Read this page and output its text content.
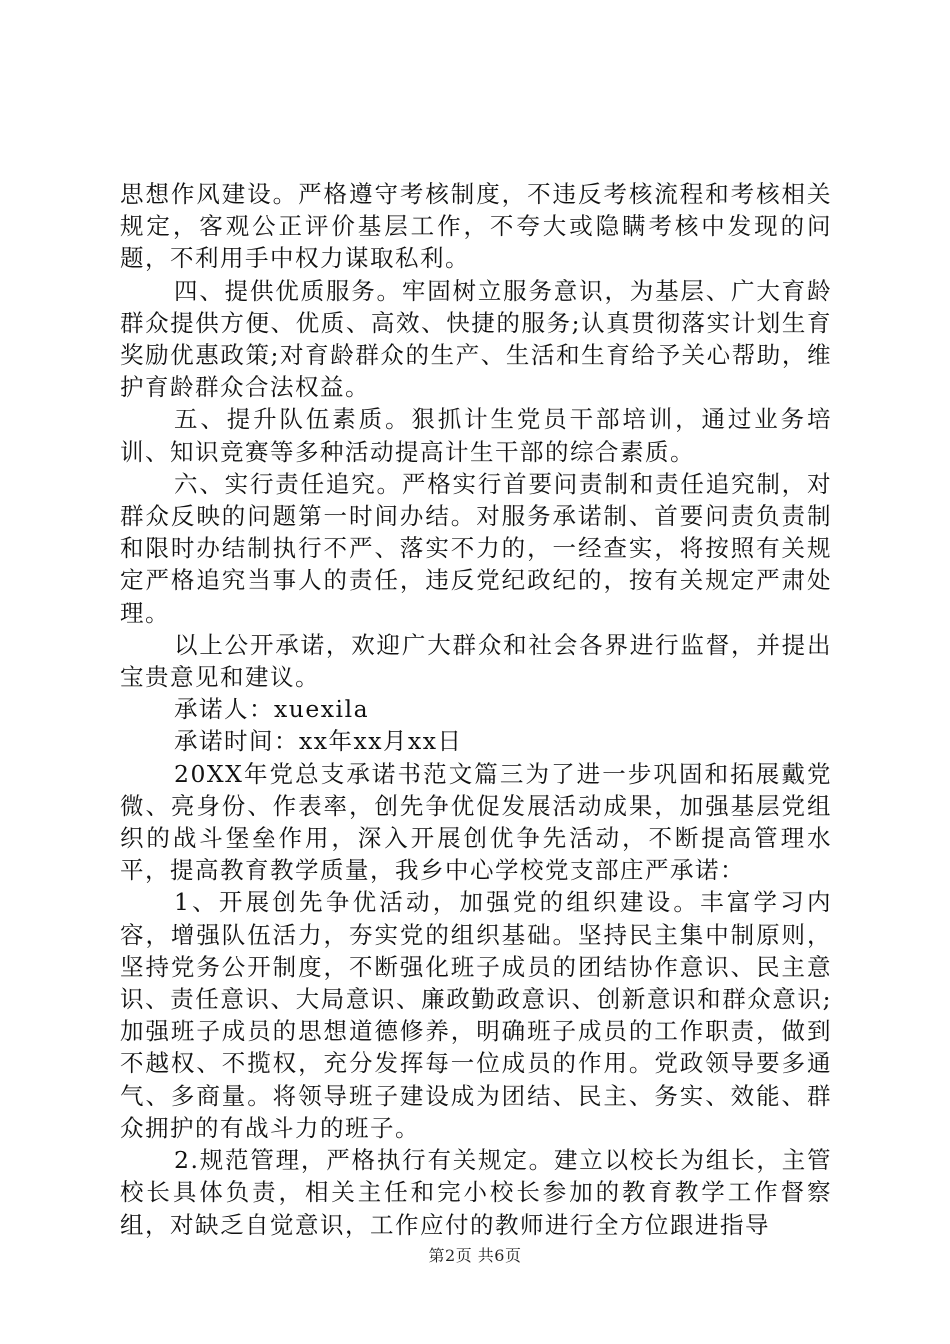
思想作风建设。严格遵守考核制度，不违反考核流程和考核相关规定，客观公正评价基层工作，不夸大或隐瞒考核中发现的问题，不利用手中权力谋取私利。

四、提供优质服务。牢固树立服务意识，为基层、广大育龄群众提供方便、优质、高效、快捷的服务;认真贯彻落实计划生育奖励优惠政策;对育龄群众的生产、生活和生育给予关心帮助，维护育龄群众合法权益。

五、提升队伍素质。狠抓计生党员干部培训，通过业务培训、知识竞赛等多种活动提高计生干部的综合素质。

六、实行责任追究。严格实行首要问责制和责任追究制，对群众反映的问题第一时间办结。对服务承诺制、首要问责负责制和限时办结制执行不严、落实不力的，一经查实，将按照有关规定严格追究当事人的责任，违反党纪政纪的，按有关规定严肃处理。

以上公开承诺，欢迎广大群众和社会各界进行监督，并提出宝贵意见和建议。

承诺人：xuexila

承诺时间：xx年xx月xx日

20XX年党总支承诺书范文篇三为了进一步巩固和拓展戴党微、亮身份、作表率，创先争优促发展活动成果，加强基层党组织的战斗堡垒作用，深入开展创优争先活动，不断提高管理水平，提高教育教学质量，我乡中心学校党支部庄严承诺：

1、开展创先争优活动，加强党的组织建设。丰富学习内容，增强队伍活力，夯实党的组织基础。坚持民主集中制原则，坚持党务公开制度，不断强化班子成员的团结协作意识、民主意识、责任意识、大局意识、廉政勤政意识、创新意识和群众意识;加强班子成员的思想道德修养，明确班子成员的工作职责，做到不越权、不揽权，充分发挥每一位成员的作用。党政领导要多通气、多商量。将领导班子建设成为团结、民主、务实、效能、群众拥护的有战斗力的班子。

2.规范管理，严格执行有关规定。建立以校长为组长，主管校长具体负责，相关主任和完小校长参加的教育教学工作督察组，对缺乏自觉意识，工作应付的教师进行全方位跟进指导

第2页 共6页
